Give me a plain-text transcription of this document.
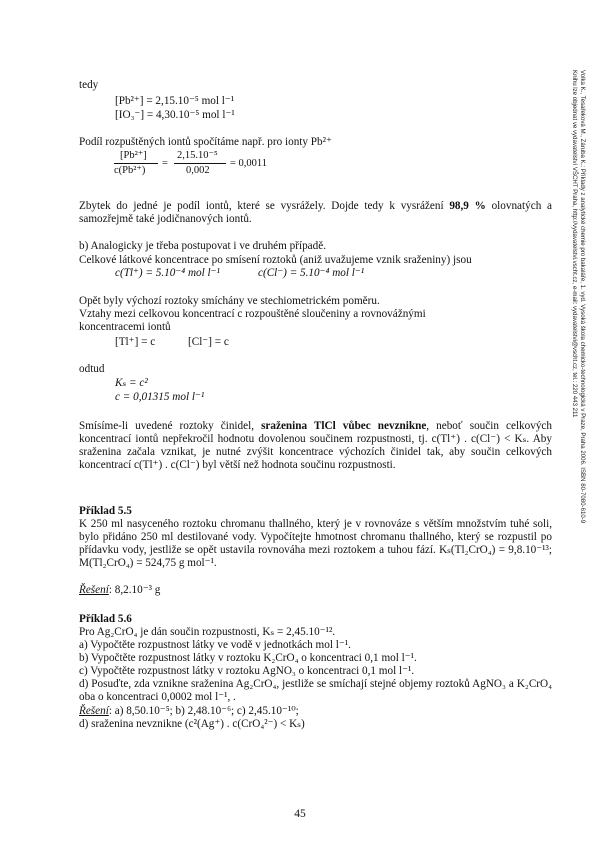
Volka K., Tesařeková M., Záruba K.: Příklady z analytické chemie pro bakaláře, 1. vyd. Vysoká škola chemicko-technologická v Praze, Praha 2006. ISBN 80-7080-610-9
Knihu lze objednat ve vydavatelství VŠCHT Praha, http://vydavatelstvi.vscht.cz, e-mail: vydavatelstvi@vscht.cz, tel.: 220 443 211
tedy
[Pb²⁺] = 2,15.10⁻⁵ mol l⁻¹
[IO₃⁻] = 4,30.10⁻⁵ mol l⁻¹
Podíl rozpuštěných iontů spočítáme např. pro ionty Pb²⁺
[Pb²⁺]
c(Pb²⁺)
=
2,15.10⁻⁵
0,002
= 0,0011
Zbytek do jedné je podíl iontů, které se vysrážely. Dojde tedy k vysrážení 98,9 % olovnatých a samozřejmě také jodičnanových iontů.
b) Analogicky je třeba postupovat i ve druhém případě.
Celkové látkové koncentrace po smísení roztoků (aniž uvažujeme vznik sraženiny) jsou
c(Tl⁺) = 5.10⁻⁴ mol l⁻¹	c(Cl⁻) = 5.10⁻⁴ mol l⁻¹
Opět byly výchozí roztoky smíchány ve stechiometrickém poměru.
Vztahy mezi celkovou koncentrací c rozpouštěné sloučeniny a rovnovážnými
koncentracemi iontů
[Tl⁺] = c	[Cl⁻] = c
odtud
Kₛ = c²
c = 0,01315 mol l⁻¹
Smísíme-li uvedené roztoky činidel, sraženina TlCl vůbec nevznikne, neboť součin celkových koncentrací iontů nepřekročil hodnotu dovolenou součinem rozpustnosti, tj. c(Tl⁺) . c(Cl⁻) < Kₛ. Aby sraženina začala vznikat, je nutné zvýšit koncentrace výchozích činidel tak, aby součin celkových koncentrací c(Tl⁺) . c(Cl⁻) byl větší než hodnota součinu rozpustnosti.
Příklad 5.5
K 250 ml nasyceného roztoku chromanu thallného, který je v rovnováze s větším množstvím tuhé soli, bylo přidáno 250 ml destilované vody. Vypočítejte hmotnost chromanu thallného, který se rozpustil po přídavku vody, jestliže se opět ustavila rovnováha mezi roztokem a tuhou fází. Kₛ(Tl₂CrO₄) = 9,8.10⁻¹³; M(Tl₂CrO₄) = 524,75 g mol⁻¹.
Řešení: 8,2.10⁻³ g
Příklad 5.6
Pro Ag₂CrO₄ je dán součin rozpustnosti, Kₛ = 2,45.10⁻¹².
a) Vypočtěte rozpustnost látky ve vodě v jednotkách mol l⁻¹.
b) Vypočtěte rozpustnost látky v roztoku K₂CrO₄ o koncentraci 0,1 mol l⁻¹.
c) Vypočtěte rozpustnost látky v roztoku AgNO₃ o koncentraci 0,1 mol l⁻¹.
d) Posuďte, zda vznikne sraženina Ag₂CrO₄, jestliže se smíchají stejné objemy roztoků AgNO₃ a K₂CrO₄ oba o koncentraci 0,0002 mol l⁻¹, .
Řešení: a) 8,50.10⁻⁵; b) 2,48.10⁻⁶; c) 2,45.10⁻¹⁰;
d) sraženina nevznikne (c²(Ag⁺) . c(CrO₄²⁻) < Kₛ)
45
